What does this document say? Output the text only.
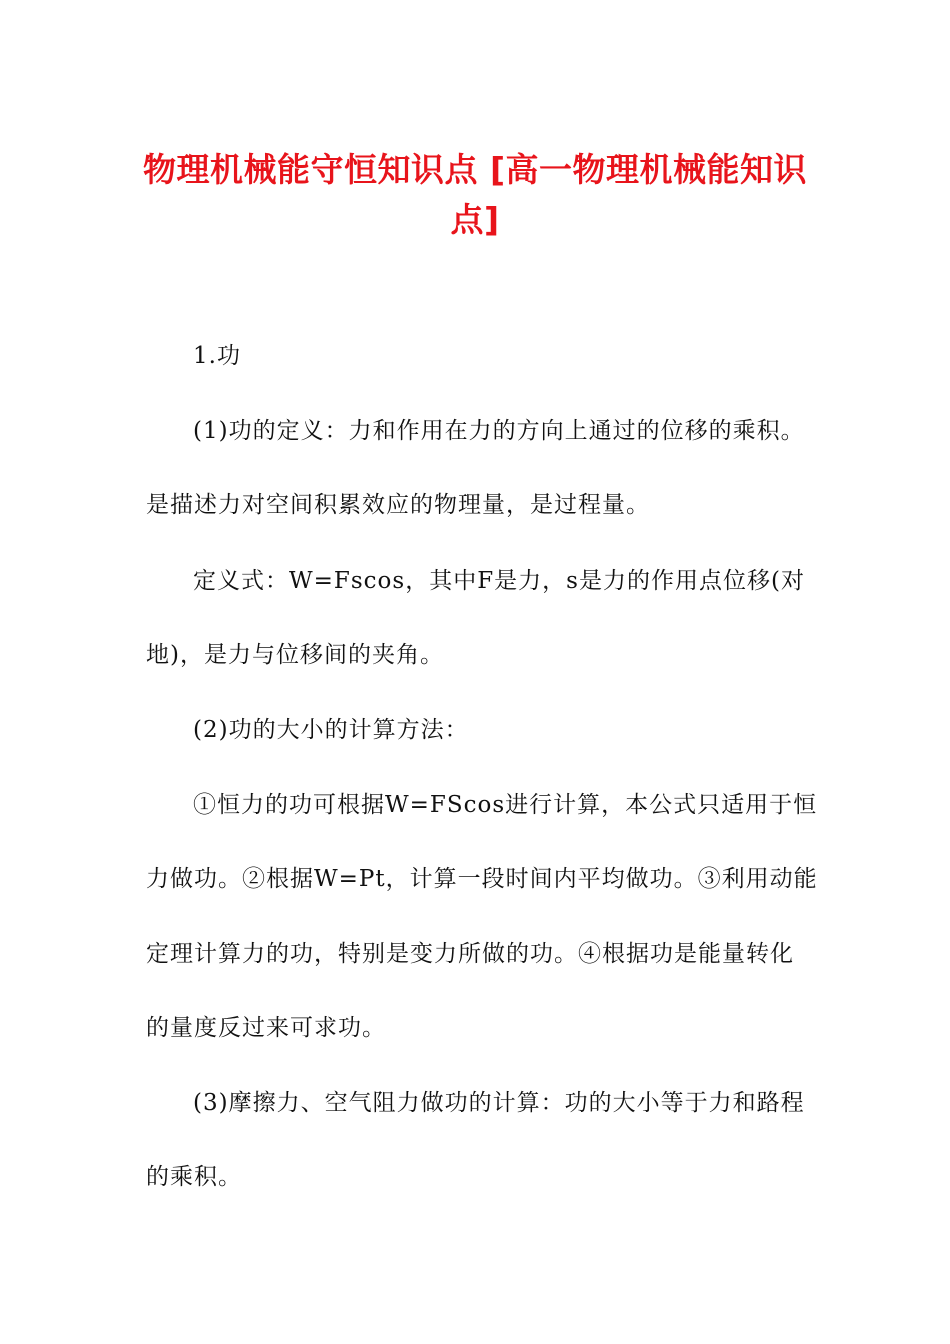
物理机械能守恒知识点 [高一物理机械能知识点]
1.功
(1)功的定义：力和作用在力的方向上通过的位移的乘积。
是描述力对空间积累效应的物理量，是过程量。
定义式：W=Fscos，其中F是力，s是力的作用点位移(对
地)，是力与位移间的夹角。
(2)功的大小的计算方法：
①恒力的功可根据W=FScos进行计算，本公式只适用于恒
力做功。②根据W=Pt，计算一段时间内平均做功。③利用动能
定理计算力的功，特别是变力所做的功。④根据功是能量转化
的量度反过来可求功。
(3)摩擦力、空气阻力做功的计算：功的大小等于力和路程
的乘积。
